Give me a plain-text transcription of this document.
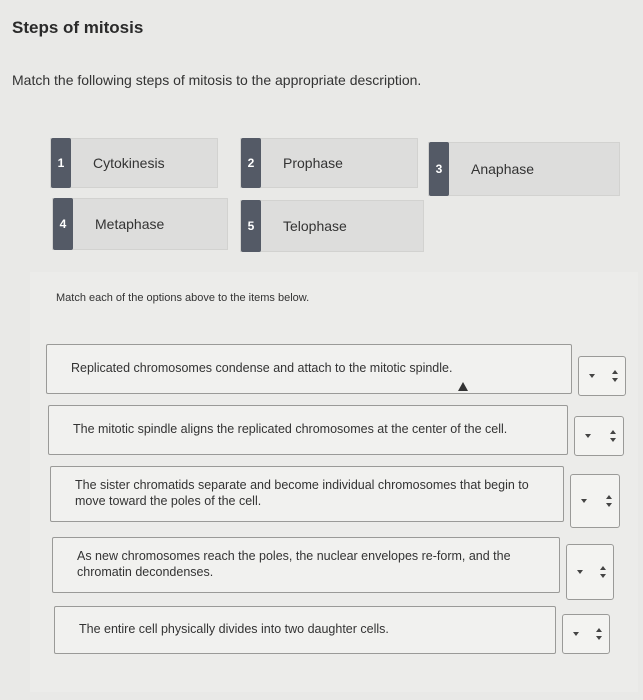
Steps of mitosis
Match the following steps of mitosis to the appropriate description.
1	Cytokinesis	2	Prophase	3	Anaphase
4	Metaphase	5	Telophase
Match each of the options above to the items below.
Replicated chromosomes condense and attach to the mitotic spindle.
The mitotic spindle aligns the replicated chromosomes at the center of the cell.
The sister chromatids separate and become individual chromosomes that begin to move toward the poles of the cell.
As new chromosomes reach the poles, the nuclear envelopes re-form, and the chromatin decondenses.
The entire cell physically divides into two daughter cells.
